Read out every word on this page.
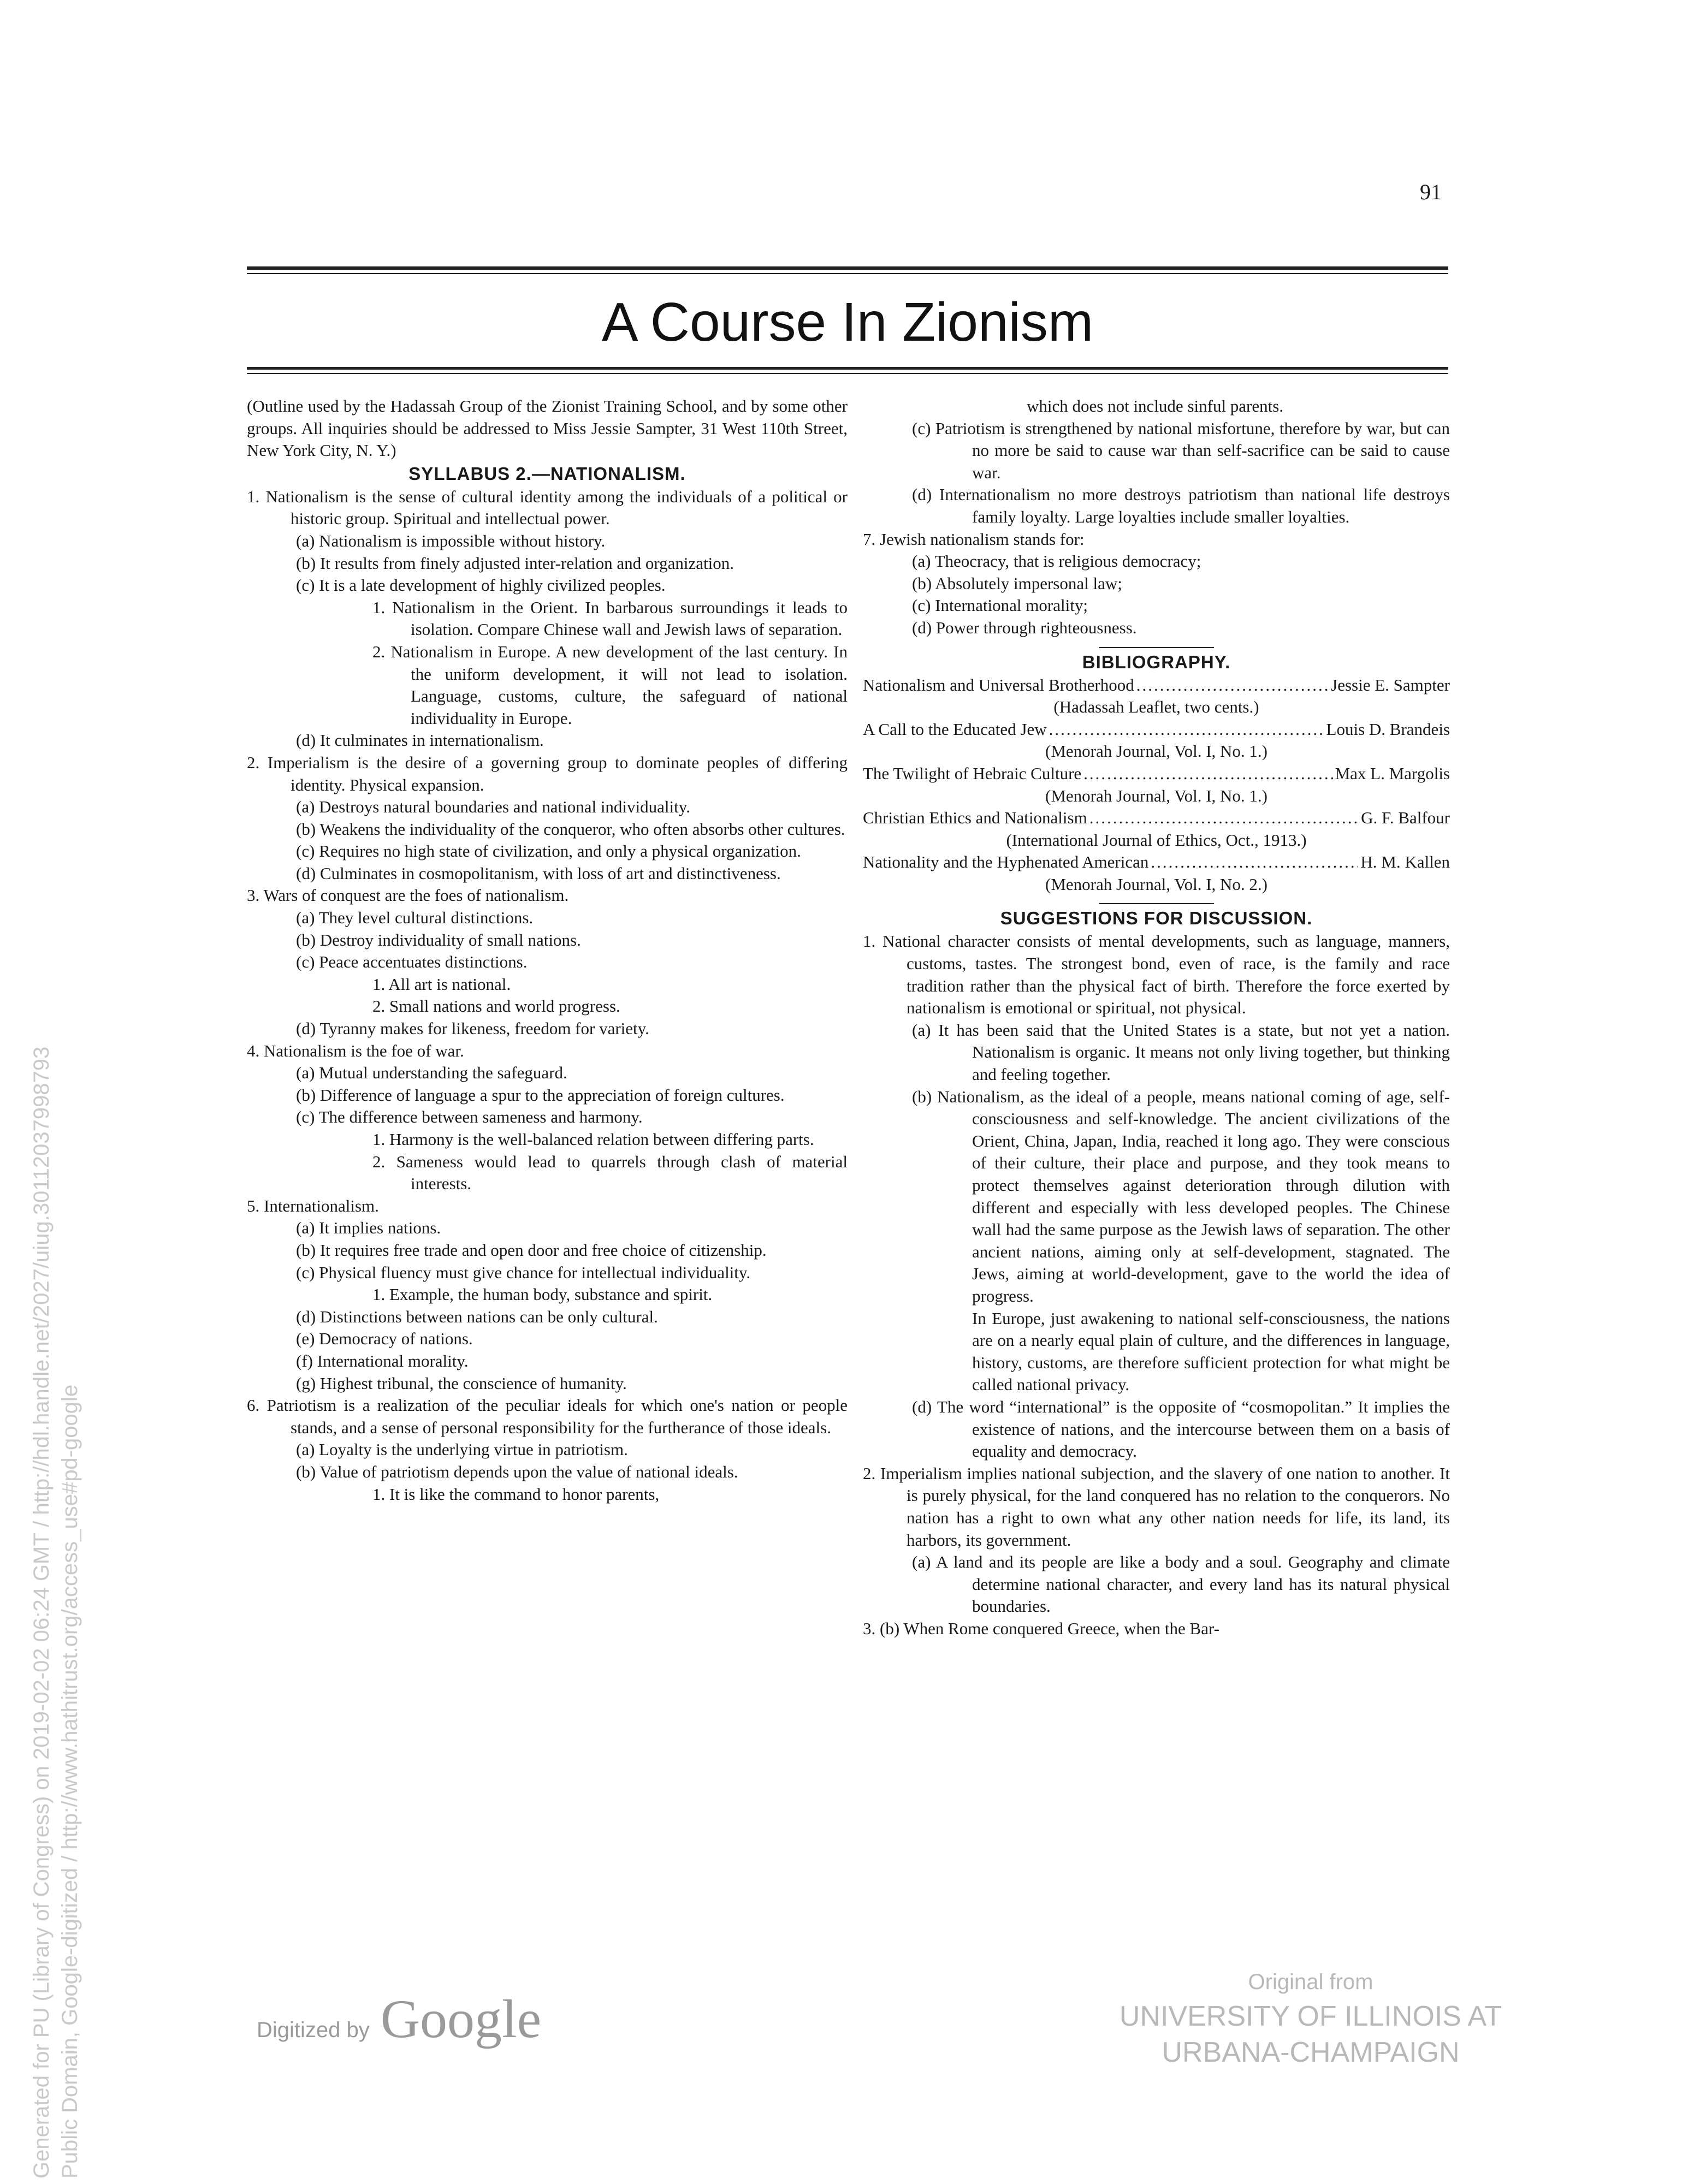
91
A Course In Zionism

(Outline used by the Hadassah Group of the Zionist Training School, and by some other groups. All inquiries should be addressed to Miss Jessie Sampter, 31 West 110th Street, New York City, N. Y.)

SYLLABUS 2.—NATIONALISM.

1. Nationalism is the sense of cultural identity among the individuals of a political or historic group. Spiritual and intellectual power.

(a) Nationalism is impossible without history.

(b) It results from finely adjusted inter-relation and organization.

(c) It is a late development of highly civilized peoples.

1. Nationalism in the Orient. In barbarous surroundings it leads to isolation. Compare Chinese wall and Jewish laws of separation.

2. Nationalism in Europe. A new development of the last century. In the uniform development, it will not lead to isolation. Language, customs, culture, the safeguard of national individuality in Europe.

(d) It culminates in internationalism.

2. Imperialism is the desire of a governing group to dominate peoples of differing identity. Physical expansion.

(a) Destroys natural boundaries and national individuality.

(b) Weakens the individuality of the conqueror, who often absorbs other cultures.

(c) Requires no high state of civilization, and only a physical organization.

(d) Culminates in cosmopolitanism, with loss of art and distinctiveness.

3. Wars of conquest are the foes of nationalism.

(a) They level cultural distinctions.

(b) Destroy individuality of small nations.

(c) Peace accentuates distinctions.

1. All art is national.

2. Small nations and world progress.

(d) Tyranny makes for likeness, freedom for variety.

4. Nationalism is the foe of war.

(a) Mutual understanding the safeguard.

(b) Difference of language a spur to the appreciation of foreign cultures.

(c) The difference between sameness and harmony.

1. Harmony is the well-balanced relation between differing parts.

2. Sameness would lead to quarrels through clash of material interests.

5. Internationalism.

(a) It implies nations.

(b) It requires free trade and open door and free choice of citizenship.

(c) Physical fluency must give chance for intellectual individuality.

1. Example, the human body, substance and spirit.

(d) Distinctions between nations can be only cultural.

(e) Democracy of nations.

(f) International morality.

(g) Highest tribunal, the conscience of humanity.

6. Patriotism is a realization of the peculiar ideals for which one's nation or people stands, and a sense of personal responsibility for the furtherance of those ideals.

(a) Loyalty is the underlying virtue in patriotism.

(b) Value of patriotism depends upon the value of national ideals.

1. It is like the command to honor parents,

which does not include sinful parents.

(c) Patriotism is strengthened by national misfortune, therefore by war, but can no more be said to cause war than self-sacrifice can be said to cause war.

(d) Internationalism no more destroys patriotism than national life destroys family loyalty. Large loyalties include smaller loyalties.

7. Jewish nationalism stands for:

(a) Theocracy, that is religious democracy;

(b) Absolutely impersonal law;

(c) International morality;

(d) Power through righteousness.

BIBLIOGRAPHY.

Nationalism and Universal Brotherhood .....	Jessie E. Sampter
(Hadassah Leaflet, two cents.)
A Call to the Educated Jew .....	Louis D. Brandeis
(Menorah Journal, Vol. I, No. 1.)
The Twilight of Hebraic Culture .....	Max L. Margolis
(Menorah Journal, Vol. I, No. 1.)
Christian Ethics and Nationalism .....	G. F. Balfour
(International Journal of Ethics, Oct., 1913.)
Nationality and the Hyphenated American .....	H. M. Kallen
(Menorah Journal, Vol. I, No. 2.)

SUGGESTIONS FOR DISCUSSION.

1. National character consists of mental developments, such as language, manners, customs, tastes. The strongest bond, even of race, is the family and race tradition rather than the physical fact of birth. Therefore the force exerted by nationalism is emotional or spiritual, not physical.

(a) It has been said that the United States is a state, but not yet a nation. Nationalism is organic. It means not only living together, but thinking and feeling together.

(b) Nationalism, as the ideal of a people, means national coming of age, self-consciousness and self-knowledge. The ancient civilizations of the Orient, China, Japan, India, reached it long ago. They were conscious of their culture, their place and purpose, and they took means to protect themselves against deterioration through dilution with different and especially with less developed peoples. The Chinese wall had the same purpose as the Jewish laws of separation. The other ancient nations, aiming only at self-development, stagnated. The Jews, aiming at world-development, gave to the world the idea of progress.

In Europe, just awakening to national self-consciousness, the nations are on a nearly equal plain of culture, and the differences in language, history, customs, are therefore sufficient protection for what might be called national privacy.

(d) The word “international” is the opposite of “cosmopolitan.” It implies the existence of nations, and the intercourse between them on a basis of equality and democracy.

2. Imperialism implies national subjection, and the slavery of one nation to another. It is purely physical, for the land conquered has no relation to the conquerors. No nation has a right to own what any other nation needs for life, its land, its harbors, its government.

(a) A land and its people are like a body and a soul. Geography and climate determine national character, and every land has its natural physical boundaries.

3. (b) When Rome conquered Greece, when the Bar-

Generated for PU (Library of Congress) on 2019-02-02 06:24 GMT / http://hdl.handle.net/2027/uiug.30112037998793 Public Domain, Google-digitized / http://www.hathitrust.org/access_use#pd-google	Digitized by Google
Original from
UNIVERSITY OF ILLINOIS AT
URBANA-CHAMPAIGN
